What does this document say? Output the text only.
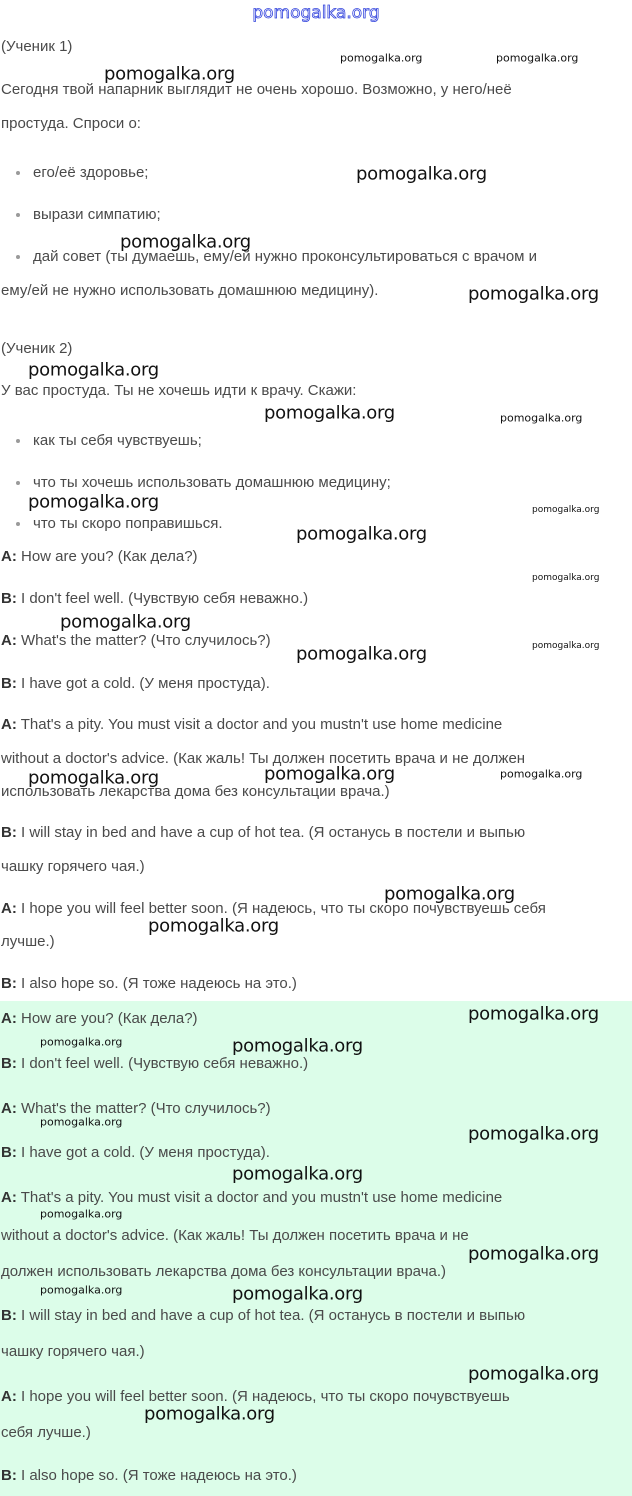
pomogalka.org
(Ученик 1)
Сегодня твой напарник выглядит не очень хорошо. Возможно, у него/неё
простуда. Спроси о:
его/её здоровье;
вырази симпатию;
дай совет (ты думаешь, ему/ей нужно проконсультироваться с врачом и
ему/ей не нужно использовать домашнюю медицину).
(Ученик 2)
У вас простуда. Ты не хочешь идти к врачу. Скажи:
как ты себя чувствуешь;
что ты хочешь использовать домашнюю медицину;
что ты скоро поправишься.
A: How are you? (Как дела?)
B: I don't feel well. (Чувствую себя неважно.)
A: What's the matter? (Что случилось?)
B: I have got a cold. (У меня простуда).
A: That's a pity. You must visit a doctor and you mustn't use home medicine
without a doctor's advice. (Как жаль! Ты должен посетить врача и не должен
использовать лекарства дома без консультации врача.)
B: I will stay in bed and have a cup of hot tea. (Я останусь в постели и выпью
чашку горячего чая.)
A: I hope you will feel better soon. (Я надеюсь, что ты скоро почувствуешь себя
лучше.)
B: I also hope so. (Я тоже надеюсь на это.)
A: How are you? (Как дела?)
B: I don't feel well. (Чувствую себя неважно.)
A: What's the matter? (Что случилось?)
B: I have got a cold. (У меня простуда).
A: That's a pity. You must visit a doctor and you mustn't use home medicine
without a doctor's advice. (Как жаль! Ты должен посетить врача и не
должен использовать лекарства дома без консультации врача.)
B: I will stay in bed and have a cup of hot tea. (Я останусь в постели и выпью
чашку горячего чая.)
A: I hope you will feel better soon. (Я надеюсь, что ты скоро почувствуешь
себя лучше.)
B: I also hope so. (Я тоже надеюсь на это.)
pomogalka.org
pomogalka.org	pomogalka.org
pomogalka.org
pomogalka.org
pomogalka.org
pomogalka.org
pomogalka.org	pomogalka.org
pomogalka.org	pomogalka.org
pomogalka.org
pomogalka.org
pomogalka.org
pomogalka.org	pomogalka.org
pomogalka.org	pomogalka.org	pomogalka.org
pomogalka.org
pomogalka.org
pomogalka.org
pomogalka.org	pomogalka.org
pomogalka.org
pomogalka.org
pomogalka.org
pomogalka.org
pomogalka.org
pomogalka.org	pomogalka.org
pomogalka.org
pomogalka.org
